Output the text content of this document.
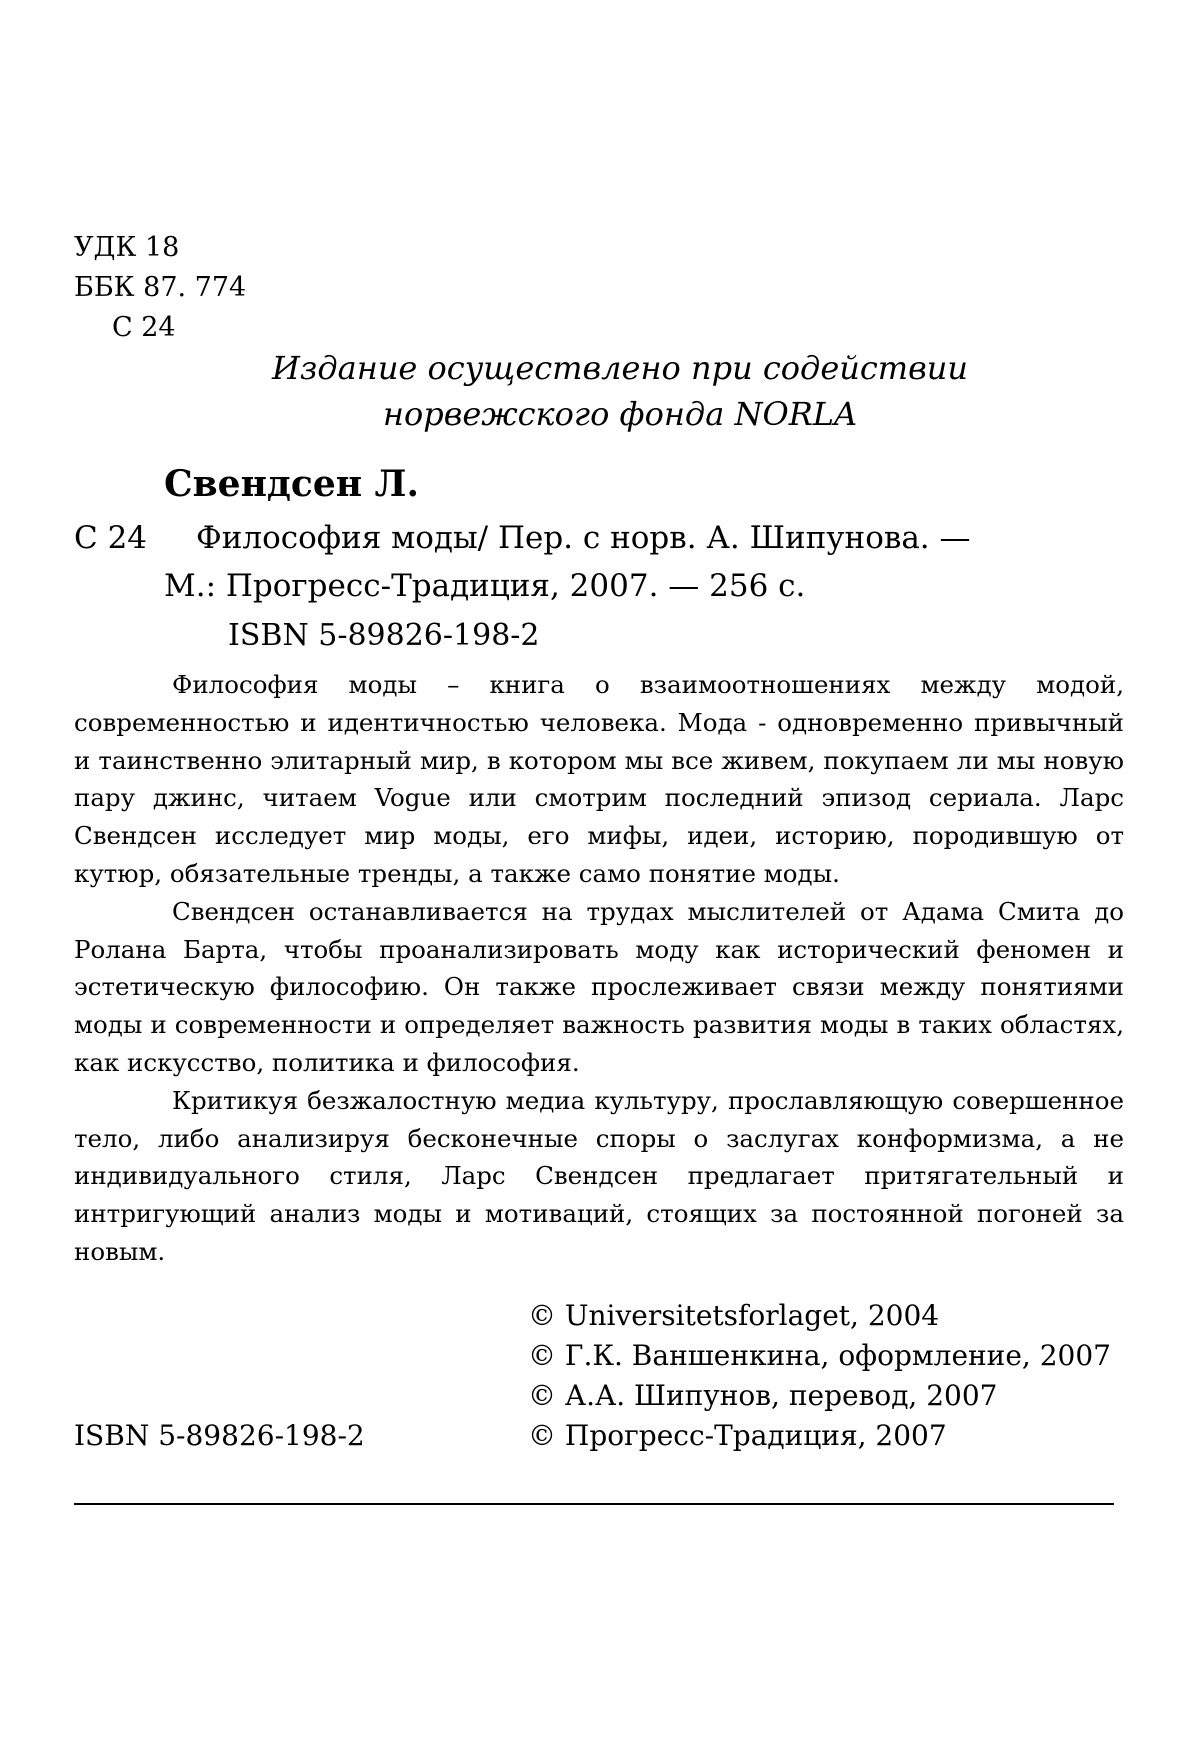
УДК 18
ББК 87. 774
С 24
Издание осуществлено при содействии
норвежского фонда NORLA
Свендсен Л.
С 24 Философия моды/ Пер. с норв. А. Шипунова. —
М.: Прогресс-Традиция, 2007. — 256 с.
ISBN 5-89826-198-2

Философия моды – книга о взаимоотношениях между модой, современностью и идентичностью человека. Мода - одновременно привычный и таинственно элитарный мир, в котором мы все живем, покупаем ли мы новую пару джинс, читаем Vogue или смотрим последний эпизод сериала. Ларс Свендсен исследует мир моды, его мифы, идеи, историю, породившую от кутюр, обязательные тренды, а также само понятие моды.

Свендсен останавливается на трудах мыслителей от Адама Смита до Ролана Барта, чтобы проанализировать моду как исторический феномен и эстетическую философию. Он также прослеживает связи между понятиями моды и современности и определяет важность развития моды в таких областях, как искусство, политика и философия.

Критикуя безжалостную медиа культуру, прославляющую совершенное тело, либо анализируя бесконечные споры о заслугах конформизма, а не индивидуального стиля, Ларс Свендсен предлагает притягательный и интригующий анализ моды и мотиваций, стоящих за постоянной погоней за новым.

© Universitetsforlaget, 2004
© Г.К. Ваншенкина, оформление, 2007
© А.А. Шипунов, перевод, 2007
© Прогресс-Традиция, 2007
ISBN 5-89826-198-2
